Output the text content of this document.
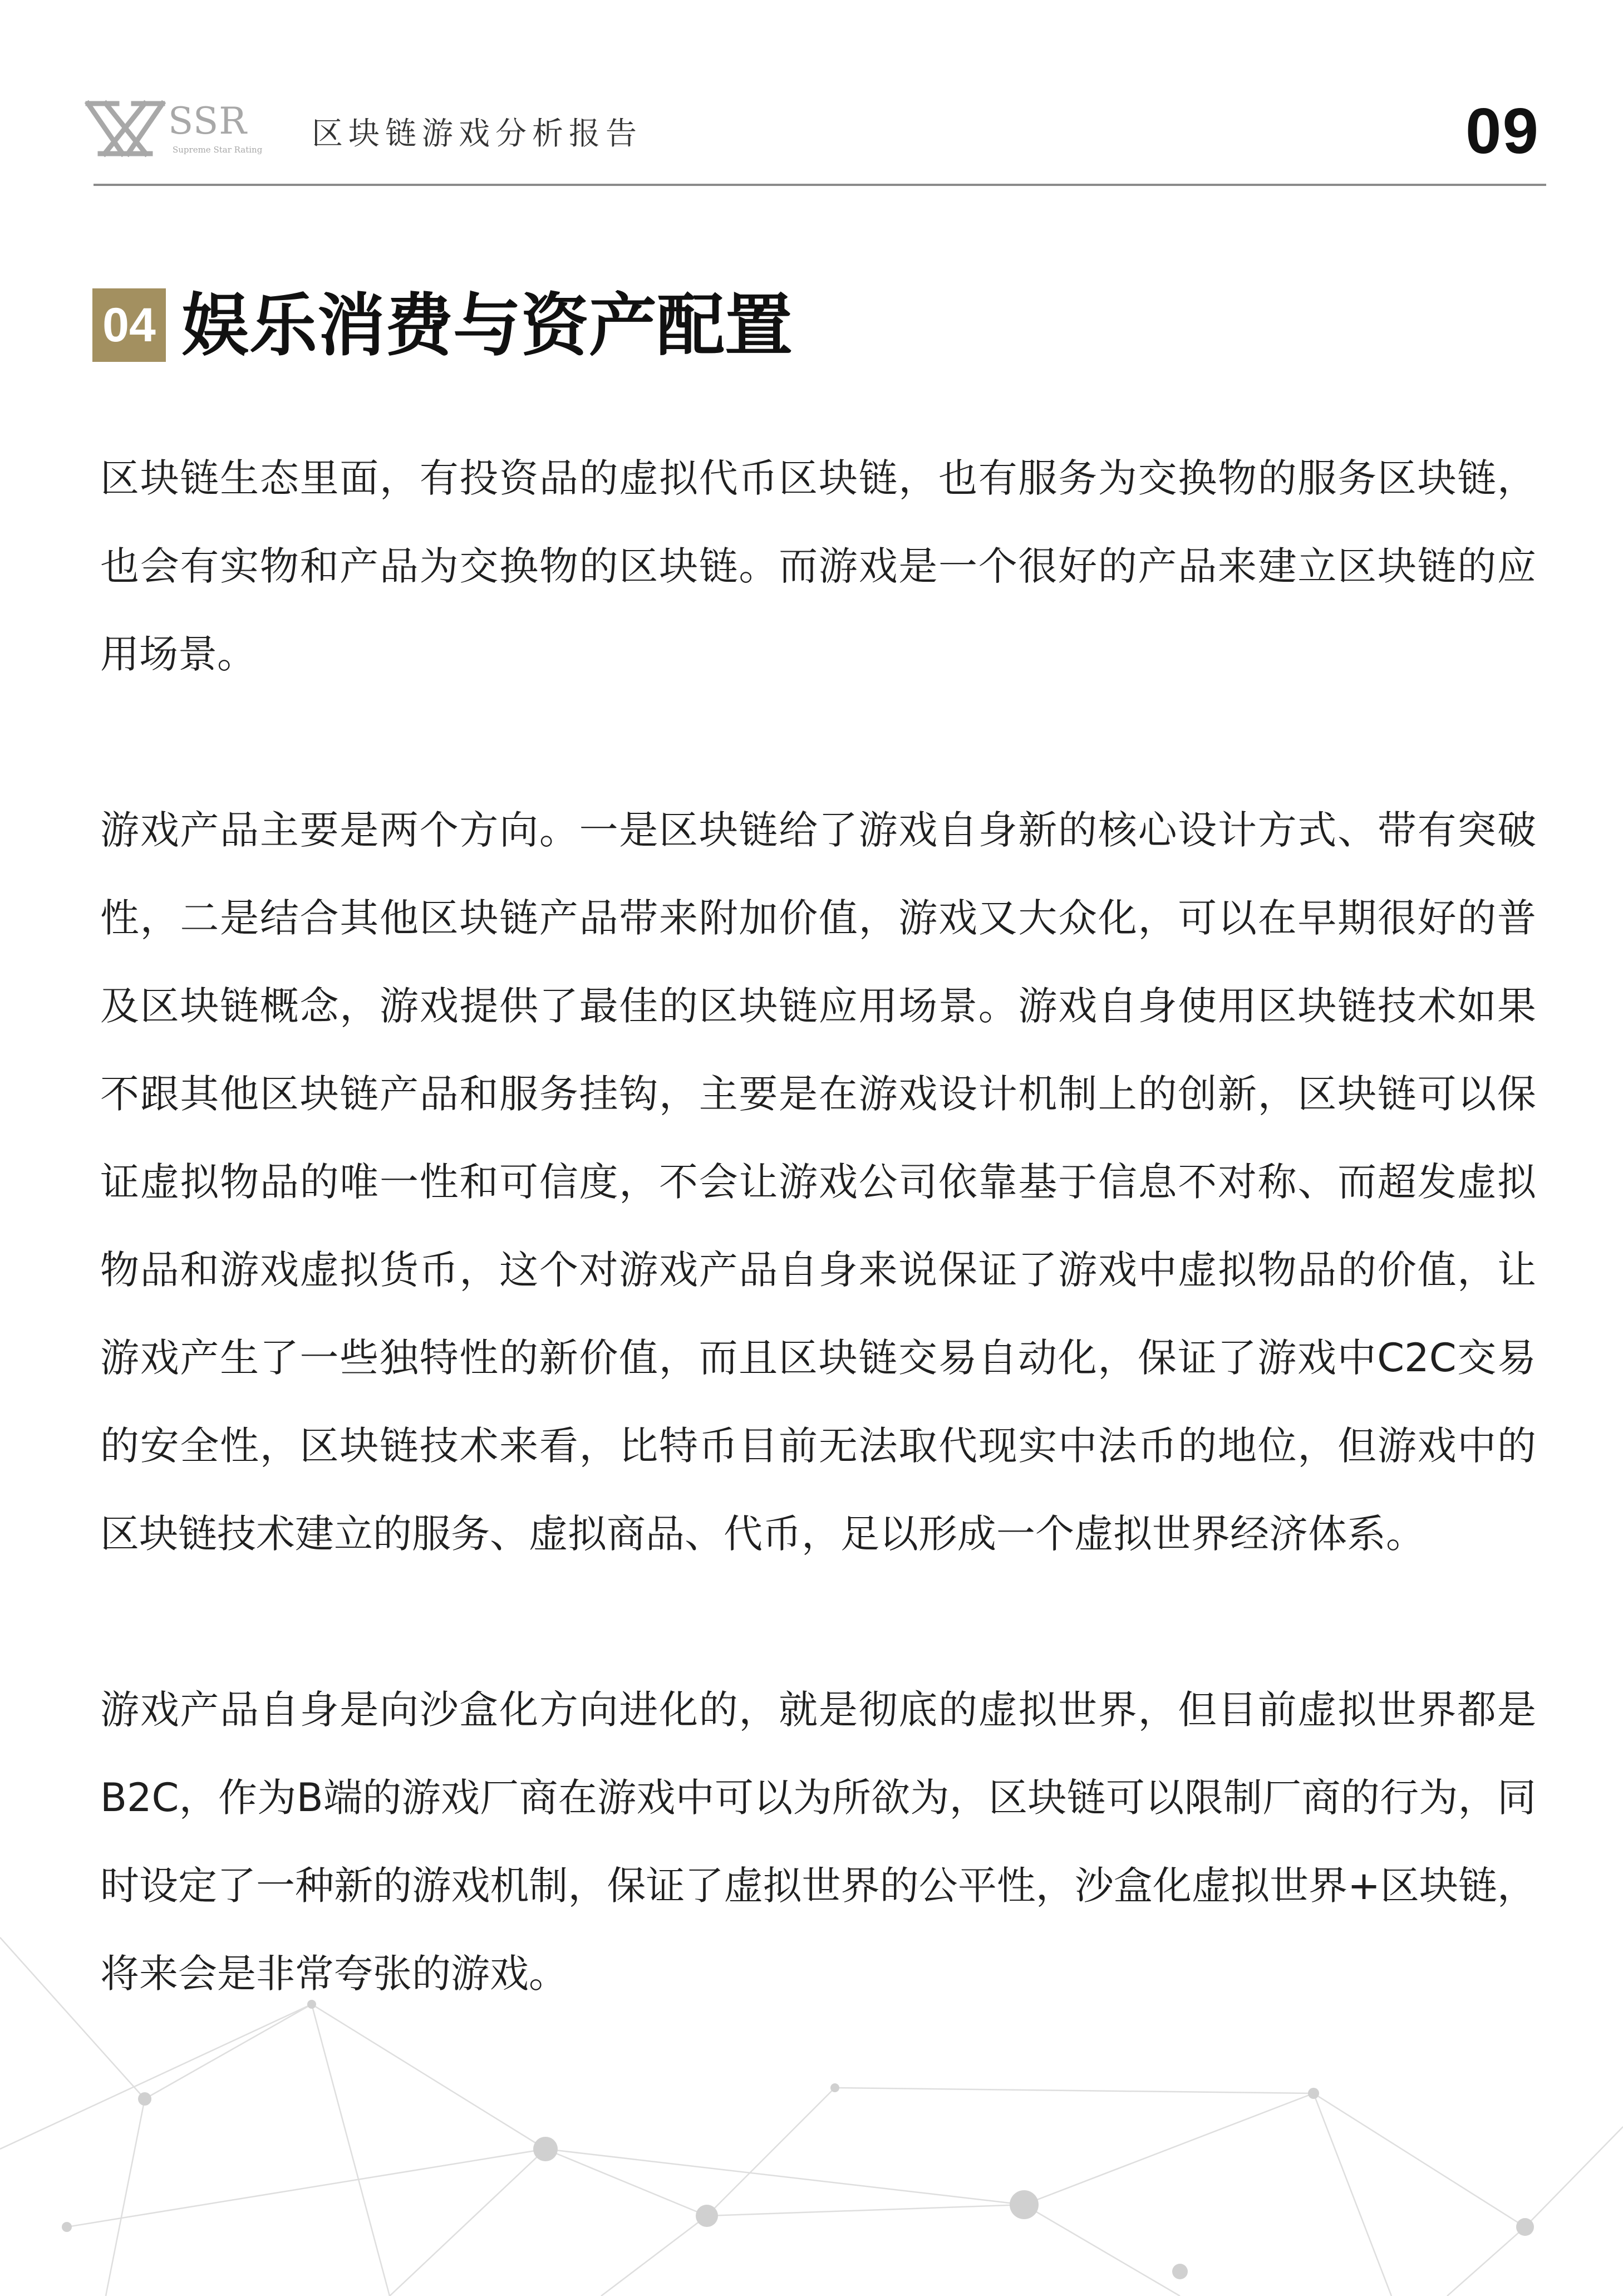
SSR
Supreme Star Rating 区块链游戏分析报告	09
04 娱乐消费与资产配置

区块链生态里面，有投资品的虚拟代币区块链，也有服务为交换物的服务区块链，也会有实物和产品为交换物的区块链。而游戏是一个很好的产品来建立区块链的应用场景。

游戏产品主要是两个方向。一是区块链给了游戏自身新的核心设计方式、带有突破性，二是结合其他区块链产品带来附加价值，游戏又大众化，可以在早期很好的普及区块链概念，游戏提供了最佳的区块链应用场景。游戏自身使用区块链技术如果不跟其他区块链产品和服务挂钩，主要是在游戏设计机制上的创新，区块链可以保证虚拟物品的唯一性和可信度，不会让游戏公司依靠基于信息不对称、而超发虚拟物品和游戏虚拟货币，这个对游戏产品自身来说保证了游戏中虚拟物品的价值，让游戏产生了一些独特性的新价值，而且区块链交易自动化，保证了游戏中C2C交易的安全性，区块链技术来看，比特币目前无法取代现实中法币的地位，但游戏中的区块链技术建立的服务、虚拟商品、代币，足以形成一个虚拟世界经济体系。

游戏产品自身是向沙盒化方向进化的，就是彻底的虚拟世界，但目前虚拟世界都是B2C，作为B端的游戏厂商在游戏中可以为所欲为，区块链可以限制厂商的行为，同时设定了一种新的游戏机制，保证了虚拟世界的公平性，沙盒化虚拟世界+区块链，将来会是非常夸张的游戏。
